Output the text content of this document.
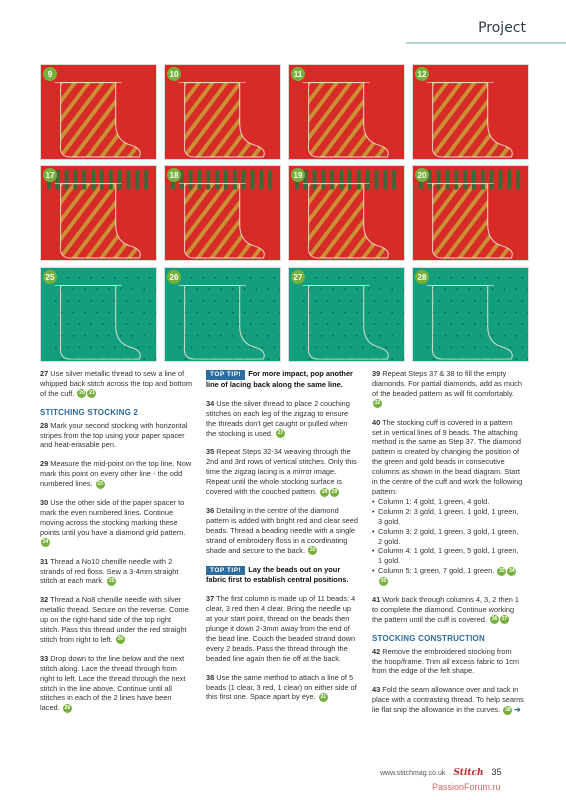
Project
9	10	11	12
17	18	19	20
25	26	27	28

27 Use silver metallic thread to sew a line of whipped back stitch across the top and bottom of the cuff. 20 21

STITCHING STOCKING 2

28 Mark your second stocking with horizontal stripes from the top using your paper spacer and heat-erasable pen.

29 Measure the mid-point on the top line. Now mark this point on every other line - the odd numbered lines. 23

30 Use the other side of the paper spacer to mark the even numbered lines. Continue moving across the stocking marking these points until you have a diamond grid pattern. 24

31 Thread a No10 chenille needle with 2 strands of red floss. Sew a 3-4mm straight stitch at each mark. 25

32 Thread a No8 chenille needle with silver metallic thread. Secure on the reverse. Come up on the right-hand side of the top right stitch. Pass this thread under the red straight stitch from right to left. 26

33 Drop down to the line below and the next stitch along. Lace the thread through from right to left. Lace the thread through the next stitch in the line above. Continue until all stitches in each of the 2 lines have been laced. 28

TOP TIP! For more impact, pop another line of lacing back along the same line.

34 Use the silver thread to place 2 couching stitches on each leg of the zigzag to ensure the threads don't get caught or pulled when the stocking is used. 27

35 Repeat Steps 32-34 weaving through the 2nd and 3rd rows of vertical stitches. Only this time the zigzag lacing is a mirror image. Repeat until the whole stocking surface is covered with the couched pattern. 28 29

36 Detailing in the centre of the diamond pattern is added with bright red and clear seed beads. Thread a beading needle with a single strand of embroidery floss in a coordinating shade and secure to the back. 30

TOP TIP! Lay the beads out on your fabric first to establish central positions.

37 The first column is made up of 11 beads: 4 clear, 3 red then 4 clear. Bring the needle up at your start point, thread on the beads then plunge it down 2-3mm away from the end of the bead line. Couch the beaded strand down every 2 beads. Pass the thread through the beaded line again then tie off at the back.

38 Use the same method to attach a line of 5 beads (1 clear, 3 red, 1 clear) on either side of this first one. Space apart by eye. 31

39 Repeat Steps 37 & 38 to fill the empty diamonds. For partial diamonds, add as much of the beaded pattern as will fit comfortably. 32

40 The stocking cuff is covered in a pattern set in vertical lines of 9 beads. The attaching method is the same as Step 37. The diamond pattern is created by changing the position of the green and gold beads in consecutive columns as shown in the bead diagram. Start in the centre of the cuff and work the following pattern:

• Column 1: 4 gold, 1 green, 4 gold.
• Column 2: 3 gold, 1 green, 1 gold, 1 green, 3 gold.
• Column 3: 2 gold, 1 green, 3 gold, 1 green, 2 gold.
• Column 4: 1 gold, 1 green, 5 gold, 1 green, 1 gold.
• Column 5: 1 green, 7 gold, 1 green. 33 3435

41 Work back through columns 4, 3, 2 then 1 to complete the diamond. Continue working the pattern until the cuff is covered. 36 37

STOCKING CONSTRUCTION

42 Remove the embroidered stocking from the hoop/frame. Trim all excess fabric to 1cm from the edge of the felt shape.

43 Fold the seam allowance over and tack in place with a contrasting thread. To help seams lie flat snip the allowance in the curves. 38 ➔

www.stitchmag.co.uk Stitch 35
PassionForum.ru
